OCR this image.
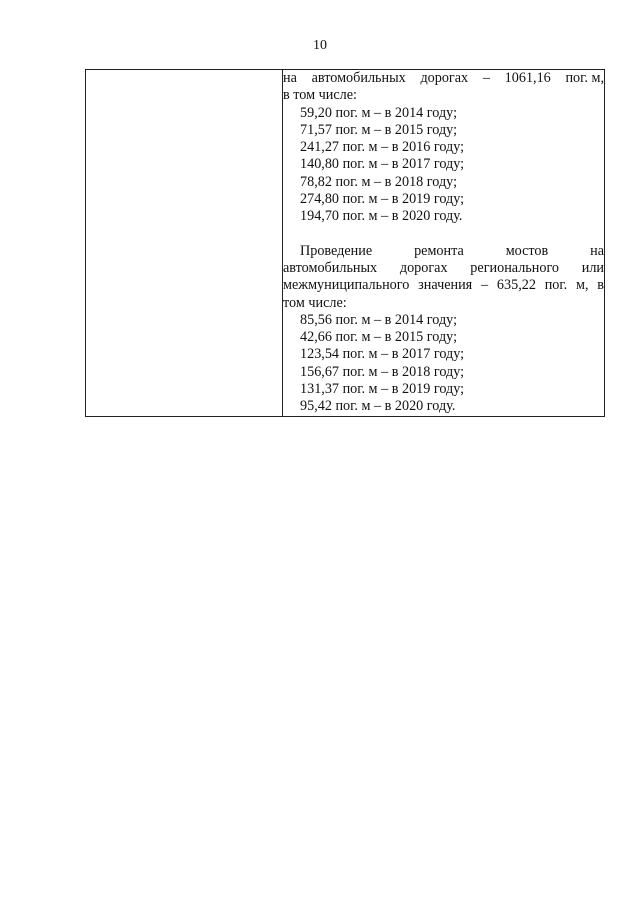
10

на автомобильных дорогах – 1061,16 пог. м,

в том числе:

59,20 пог. м – в 2014 году;
71,57 пог. м – в 2015 году;
241,27 пог. м – в 2016 году;
140,80 пог. м – в 2017 году;
78,82 пог. м – в 2018 году;
274,80 пог. м – в 2019 году;
194,70 пог. м – в 2020 году.
Проведение	ремонта	мостов	на
автомобильных дорогах регионального или
межмуниципального значения – 635,22 пог. м, в

том числе:

85,56 пог. м – в 2014 году;
42,66 пог. м – в 2015 году;
123,54 пог. м – в 2017 году;
156,67 пог. м – в 2018 году;
131,37 пог. м – в 2019 году;
95,42 пог. м – в 2020 году.
